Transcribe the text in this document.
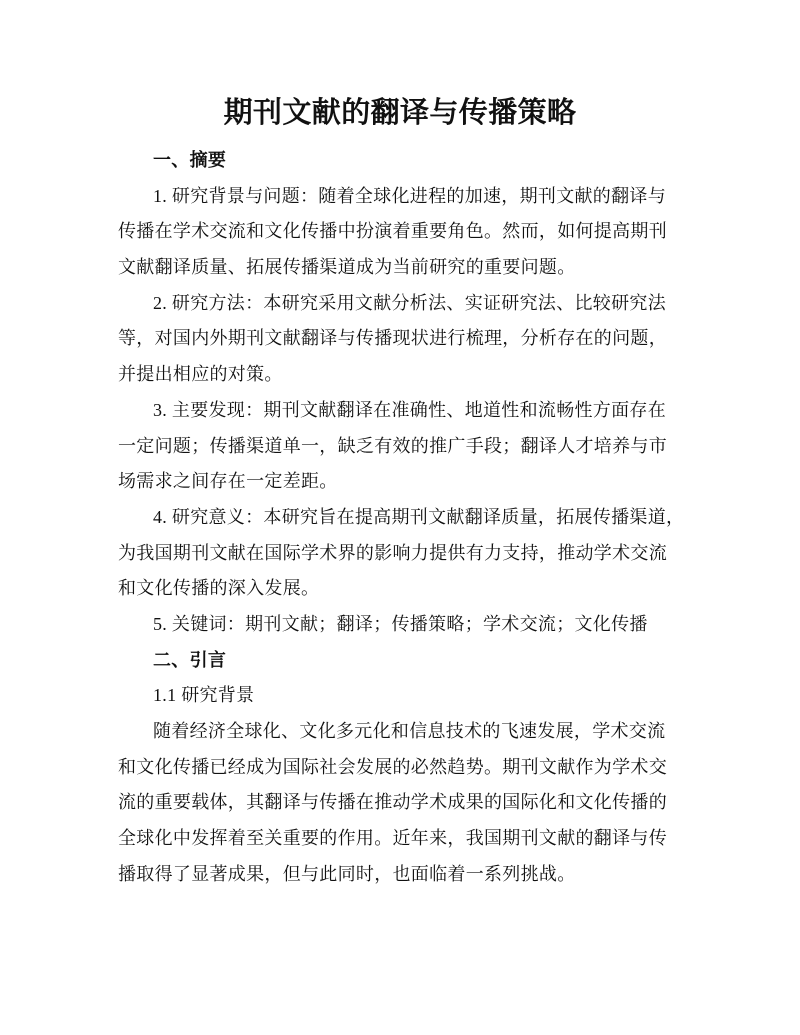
期刊文献的翻译与传播策略
一、摘要
1. 研究背景与问题：随着全球化进程的加速，期刊文献的翻译与
传播在学术交流和文化传播中扮演着重要角色。然而，如何提高期刊
文献翻译质量、拓展传播渠道成为当前研究的重要问题。
2. 研究方法：本研究采用文献分析法、实证研究法、比较研究法
等，对国内外期刊文献翻译与传播现状进行梳理，分析存在的问题，
并提出相应的对策。
3. 主要发现：期刊文献翻译在准确性、地道性和流畅性方面存在
一定问题；传播渠道单一，缺乏有效的推广手段；翻译人才培养与市
场需求之间存在一定差距。
4. 研究意义：本研究旨在提高期刊文献翻译质量，拓展传播渠道，
为我国期刊文献在国际学术界的影响力提供有力支持，推动学术交流
和文化传播的深入发展。
5. 关键词：期刊文献；翻译；传播策略；学术交流；文化传播
二、引言
1.1 研究背景
随着经济全球化、文化多元化和信息技术的飞速发展，学术交流
和文化传播已经成为国际社会发展的必然趋势。期刊文献作为学术交
流的重要载体，其翻译与传播在推动学术成果的国际化和文化传播的
全球化中发挥着至关重要的作用。近年来，我国期刊文献的翻译与传
播取得了显著成果，但与此同时，也面临着一系列挑战。
